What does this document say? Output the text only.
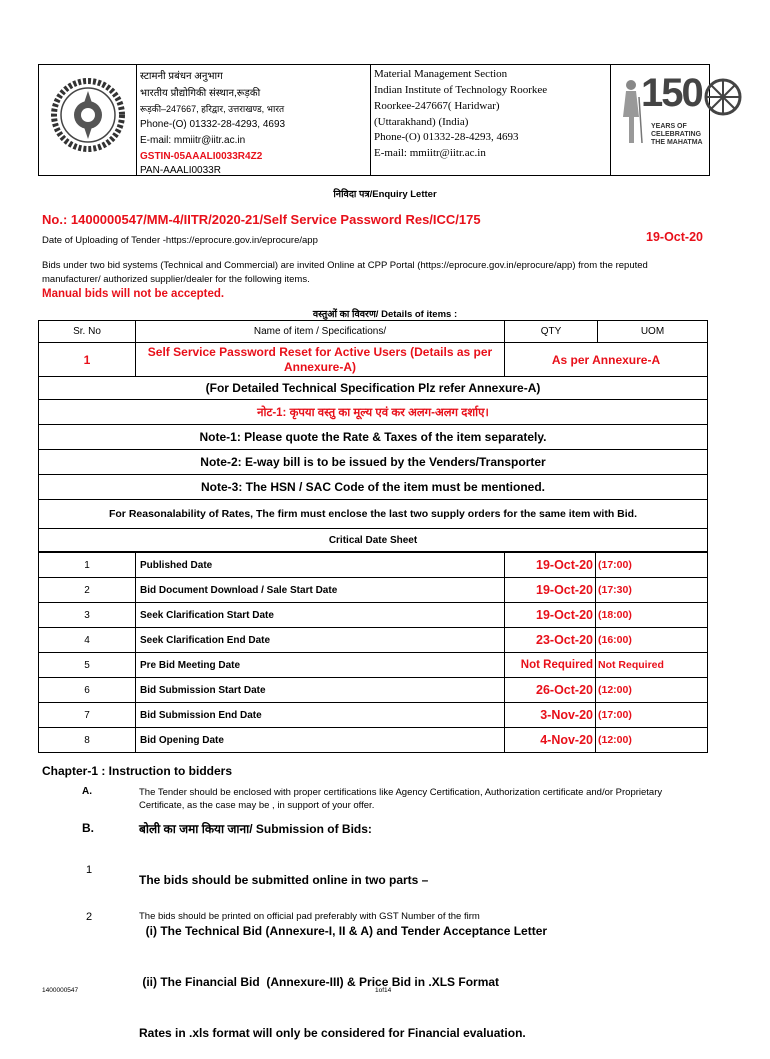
स्‍टामनी प्रबंधन अनुभाग
भारतीय प्रौद्योगिकी संस्थान,रूड़की
रूड़की–247667, हरिद्वार, उत्तराखण्ड, भारत
Phone-(O) 01332-28-4293, 4693
E-mail: mmiitr@iitr.ac.in
GSTIN-05AAALI0033R4Z2
PAN-AAALI0033R
Material Management Section
Indian Institute of Technology Roorkee
Roorkee-247667( Haridwar)
(Uttarakhand) (India)
Phone-(O) 01332-28-4293, 4693
E-mail: mmiitr@iitr.ac.in
150
YEARS OF
CELEBRATING
THE MAHATMA
निविदा पत्र/Enquiry Letter
No.: 1400000547/MM-4/IITR/2020-21/Self Service Password Res/ICC/175
Date of Uploading of Tender -https://eprocure.gov.in/eprocure/app	19-Oct-20
Bids under two bid systems (Technical and Commercial) are invited Online at CPP Portal (https://eprocure.gov.in/eprocure/app) from the reputed manufacturer/ authorized supplier/dealer for the following items.
Manual bids will not be accepted.
वस्तुओं का विवरण/ Details of items :
Sr. No	Name of item / Specifications/	QTY	UOM
1	Self Service Password Reset for Active Users (Details as per Annexure-A)	As per Annexure-A	
(For Detailed Technical Specification Plz refer Annexure-A)			
नोट-1: कृपया वस्तु का मूल्य एवं कर अलग-अलग दर्शाए।			
Note-1: Please quote the Rate & Taxes of the item separately.			
Note-2: E-way bill is to be issued by the Venders/Transporter			
Note-3: The HSN / SAC Code of the item must be mentioned.			
For Reasonalability of Rates, The firm must enclose the last two supply orders for the same item with Bid.			
Critical Date Sheet			
1	Published Date	19-Oct-20	(17:00)
2	Bid Document Download / Sale Start Date	19-Oct-20	(17:30)
3	Seek Clarification Start Date	19-Oct-20	(18:00)
4	Seek Clarification End Date	23-Oct-20	(16:00)
5	Pre Bid Meeting Date	Not Required	Not Required
6	Bid Submission Start Date	26-Oct-20	(12:00)
7	Bid Submission End Date	3-Nov-20	(17:00)
8	Bid Opening Date	4-Nov-20	(12:00)
Chapter-1 : Instruction to bidders
A.	The Tender should be enclosed with proper certifications like Agency Certification, Authorization certificate and/or Proprietary Certificate, as the case may be , in support of your offer.
B.	बोली का जमा किया जाना/ Submission of Bids:
1

The bids should be submitted online in two parts –

(i) The Technical Bid (Annexure-I, II & A) and Tender Acceptance Letter

(ii) The Financial Bid  (Annexure-III) & Price Bid in .XLS Format

Rates in .xls format will only be considered for Financial evaluation.

2	The bids should be printed on official pad preferably with GST Number of the firm
1400000547	1of14
